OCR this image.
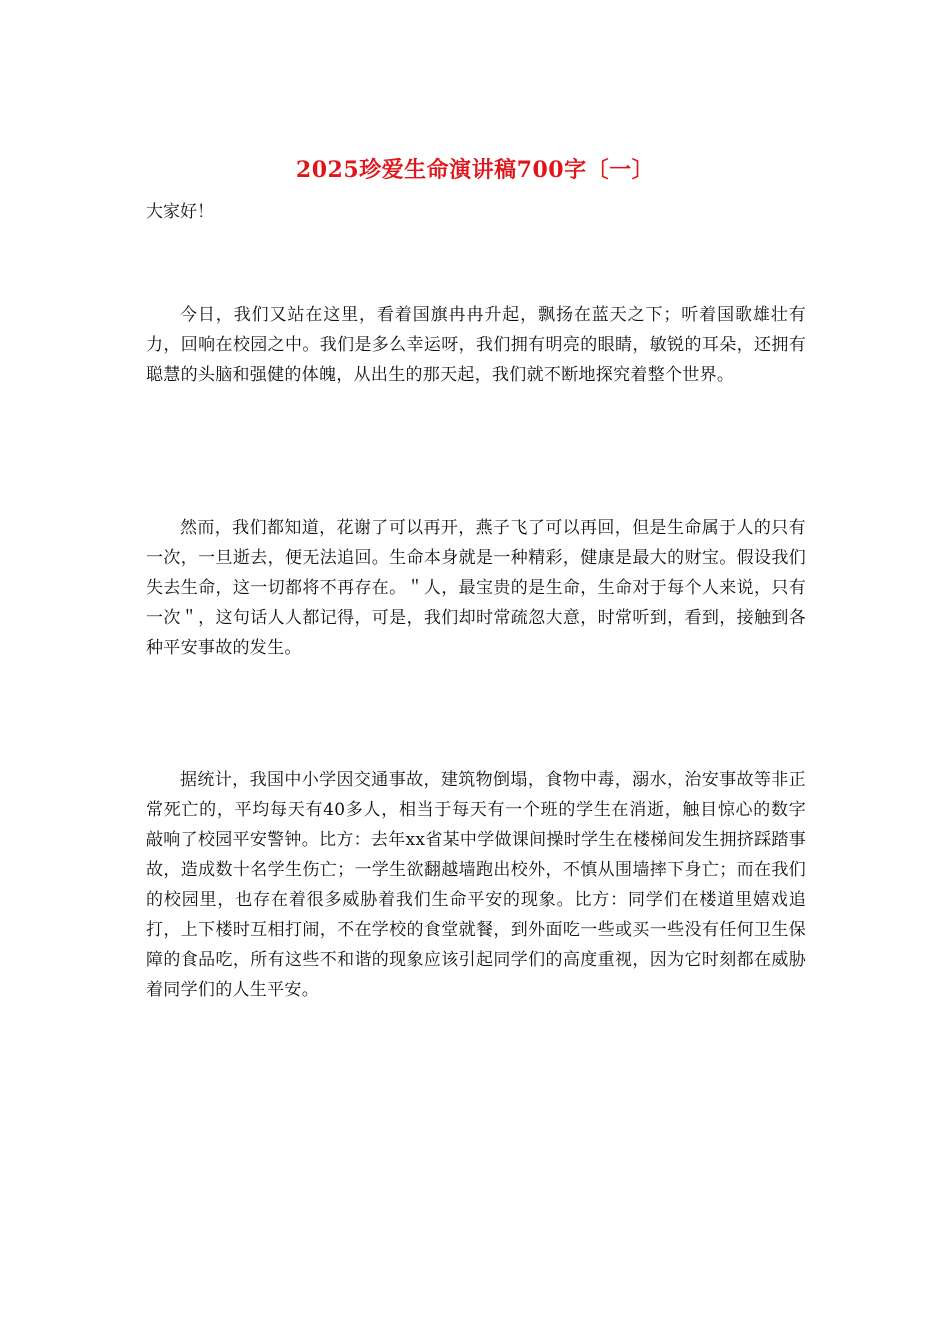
2025珍爱生命演讲稿700字〔一〕
大家好！

今日，我们又站在这里，看着国旗冉冉升起，飘扬在蓝天之下；听着国歌雄壮有力，回响在校园之中。我们是多么幸运呀，我们拥有明亮的眼睛，敏锐的耳朵，还拥有聪慧的头脑和强健的体魄，从出生的那天起，我们就不断地探究着整个世界。

然而，我们都知道，花谢了可以再开，燕子飞了可以再回，但是生命属于人的只有一次，一旦逝去，便无法追回。生命本身就是一种精彩，健康是最大的财宝。假设我们失去生命，这一切都将不再存在。＂人，最宝贵的是生命，生命对于每个人来说，只有一次＂，这句话人人都记得，可是，我们却时常疏忽大意，时常听到，看到，接触到各种平安事故的发生。

据统计，我国中小学因交通事故，建筑物倒塌，食物中毒，溺水，治安事故等非正常死亡的，平均每天有40多人，相当于每天有一个班的学生在消逝，触目惊心的数字敲响了校园平安警钟。比方：去年xx省某中学做课间操时学生在楼梯间发生拥挤踩踏事故，造成数十名学生伤亡；一学生欲翻越墙跑出校外，不慎从围墙摔下身亡；而在我们的校园里，也存在着很多威胁着我们生命平安的现象。比方：同学们在楼道里嬉戏追打，上下楼时互相打闹，不在学校的食堂就餐，到外面吃一些或买一些没有任何卫生保障的食品吃，所有这些不和谐的现象应该引起同学们的高度重视，因为它时刻都在威胁着同学们的人生平安。
